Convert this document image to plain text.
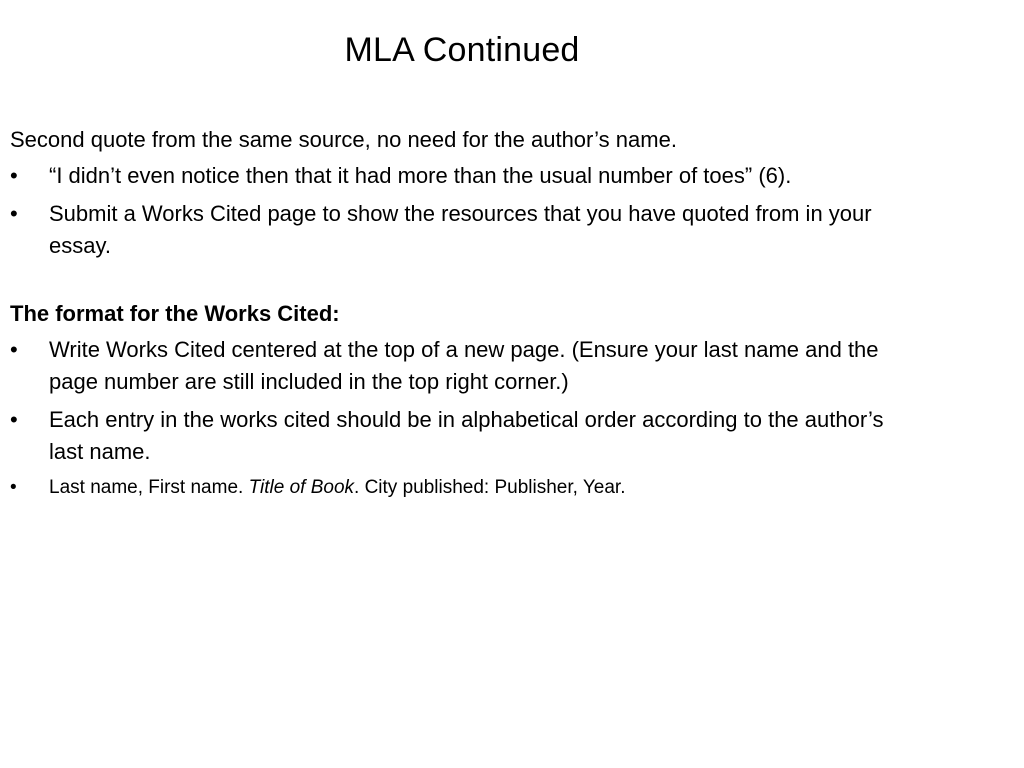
MLA Continued

Second quote from the same source, no need for the author’s name.

•	“I didn’t even notice then that it had more than the usual number of toes” (6).
•	Submit a Works Cited page to show the resources that you have quoted from in your essay.

The format for the Works Cited:

•	Write Works Cited centered at the top of a new page. (Ensure your last name and the page number are still included in the top right corner.)
•	Each entry in the works cited should be in alphabetical order according to the author’s last name.
•	Last name, First name. Title of Book. City published: Publisher, Year.
